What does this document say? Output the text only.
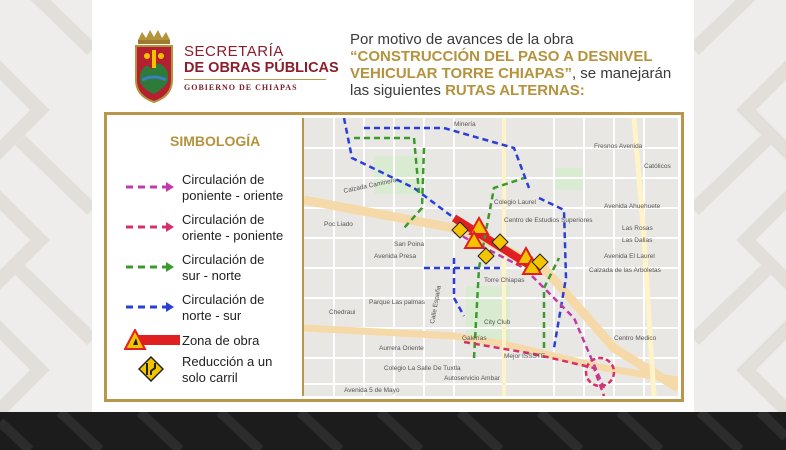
SECRETARÍA
DE OBRAS PÚBLICAS
GOBIERNO DE CHIAPAS
Por motivo de avances de la obra “CONSTRUCCIÓN DEL PASO A DESNIVEL VEHICULAR TORRE CHIAPAS”, se manejarán las siguientes RUTAS ALTERNAS:
SIMBOLOGÍA
Circulación de
poniente - oriente
Circulación de
oriente - poniente
Circulación de
sur - norte
Circulación de
norte - sur
Zona de obra
Reducción a un
solo carril
Minería
Fresnos Avenida
Católicos
Calzada Caminera
Avenida Ahuehuete
Las Rosas
Las Dalias
Avenida El Laurel
Calzada de las Arboletas
San Poina
Avenida Presa
Poc Liado
Parque Las palmas
Avenida 5 de Mayo
Aurrera Oriente
Colegio La Salle De Tuxtla
City Club
Galerías
Torre Chiapas
Autoservicio Ambar
Calle España
Chedraui
Mejor ISSSTE
Centro Medico
Colegio Laurel
Centro de Estudios Superiores
